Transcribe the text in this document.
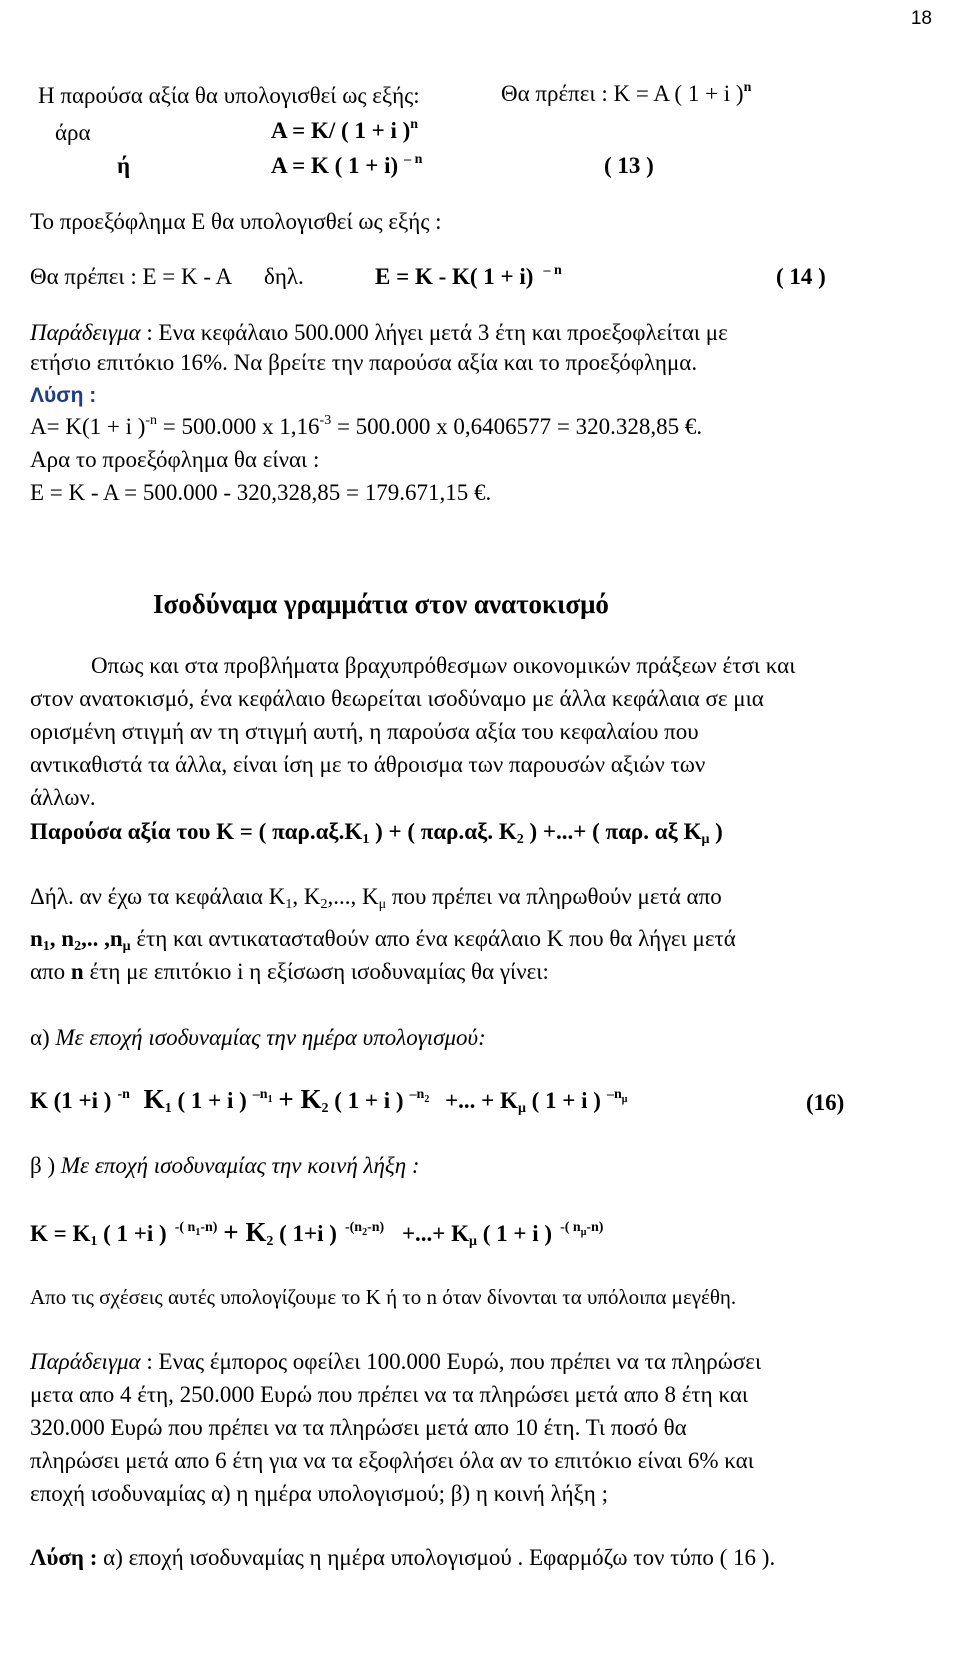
18
Η παρούσα αξία θα υπολογισθεί ως εξής:	Θα πρέπει : Κ = Α ( 1 + i )$^n$
άρα	Α = Κ/ ( 1 + i )$^n$
ή	Α = Κ ( 1 + i) $^{- n}$	( 13 )
Το προεξόφλημα Ε θα υπολογισθεί ως εξής :
Θα πρέπει : Ε = Κ - Α δηλ.	Ε = Κ - Κ( 1 + i) $^{- n}$	( 14 )
Παράδειγμα : Ενα κεφάλαιο 500.000 λήγει μετά 3 έτη και προεξοφλείται με
ετήσιο επιτόκιο 16%. Να βρείτε την παρούσα αξία και το προεξόφλημα.
Λύση :
Α= Κ(1 + i )$^{-n}$ = 500.000 x $1,16^{-3} = 500.000$ x 0,6406577 = 320.328,85 €.
Αρα το προεξόφλημα θα είναι :
Ε = Κ - Α = 500.000 - 320,328,85 = 179.671,15 €.
Ισοδύναμα γραμμάτια στον ανατοκισμό
Οπως και στα προβλήματα βραχυπρόθεσμων οικονομικών πράξεων έτσι και
στον ανατοκισμό, ένα κεφάλαιο θεωρείται ισοδύναμο με άλλα κεφάλαια σε μια
ορισμένη στιγμή αν τη στιγμή αυτή, η παρούσα αξία του κεφαλαίου που
αντικαθιστά τα άλλα, είναι ίση με το άθροισμα των παρουσών αξιών των
άλλων.
Παρούσα αξία του Κ = ( $\pi\alpha\rho.\alpha\xi.K_1$ ) + ( παρ.αξ. $K_2$ ) +...+ ( παρ. αξ $K_\mu$ )
Δήλ. αν έχω τα κεφάλαια $K_1$, $K_2$,..., $K_\mu$ που πρέπει να πληρωθούν μετά απο
$n_1$, $n_2$,.. $,n_\mu$ έτη και αντικατασταθούν απο ένα κεφάλαιο Κ που θα λήγει μετά
απο n έτη με επιτόκιο i η εξίσωση ισοδυναμίας θα γίνει:
α) Με εποχή ισοδυναμίας την ημέρα υπολογισμού:
Κ (1 +i ) $^{-n}$ $K_1$ ( 1 + i ) $^{-n_1} + K_2$ ( 1 + i ) $^{-n_2}$ +... + $K_\mu$ ( 1 + i ) $^{-n_\mu}$	(16)
β ) Με εποχή ισοδυναμίας την κοινή λήξη :
$K = K_1$ ( 1 +i ) $^{-( n_1-n)} + K_2$ ( 1+i ) $^{-(n_2-n)}$ +...+ $K_\mu$ ( 1 + i ) $^{-( n_\mu-n)}$
Απο τις σχέσεις αυτές υπολογίζουμε το Κ ή το n όταν δίνονται τα υπόλοιπα μεγέθη.
Παράδειγμα : Ενας έμπορος οφείλει 100.000 Ευρώ, που πρέπει να τα πληρώσει
μετα απο 4 έτη, 250.000 Ευρώ που πρέπει να τα πληρώσει μετά απο 8 έτη και
320.000 Ευρώ που πρέπει να τα πληρώσει μετά απο 10 έτη. Τι ποσό θα
πληρώσει μετά απο 6 έτη για να τα εξοφλήσει όλα αν το επιτόκιο είναι 6% και
εποχή ισοδυναμίας α) η ημέρα υπολογισμού; β) η κοινή λήξη ;
Λύση : α) εποχή ισοδυναμίας η ημέρα υπολογισμού . Εφαρμόζω τον τύπο ( 16 ).
